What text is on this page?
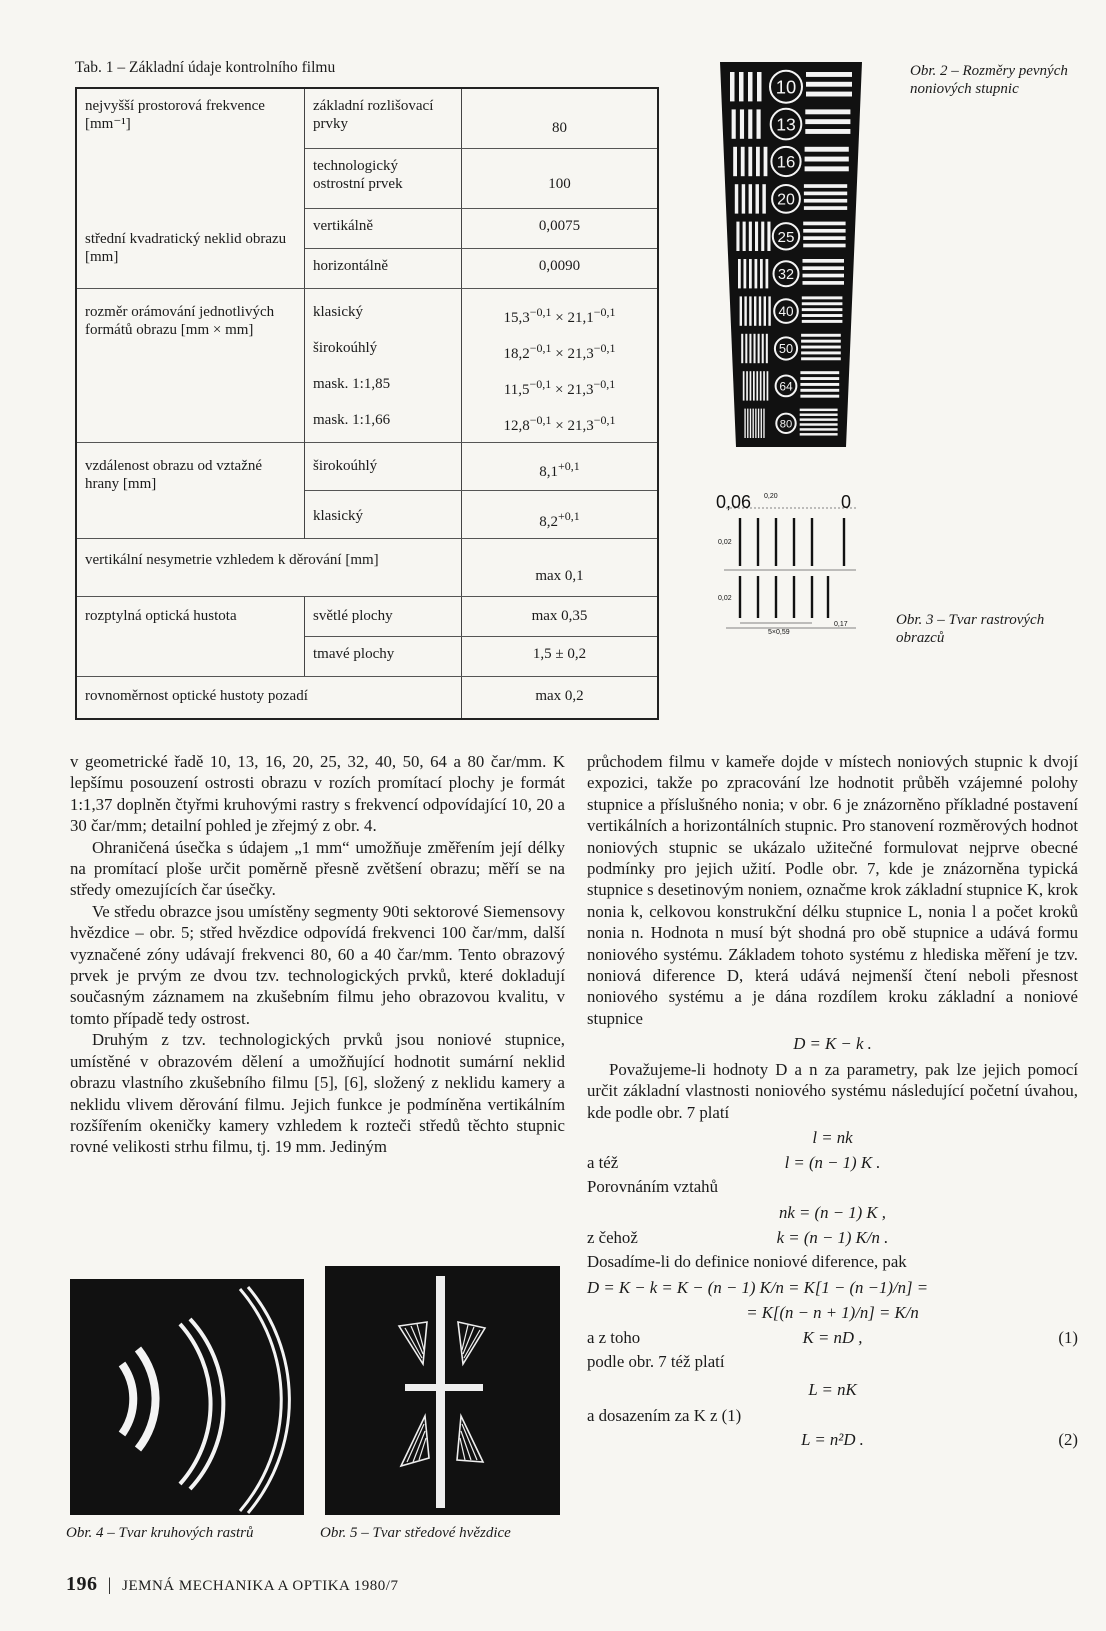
Tab. 1 – Základní údaje kontrolního filmu
nejvyšší prostorová frekvence [mm⁻¹]	základní rozlišovací prvky	80
	technologický ostrostní prvek	100
střední kvadratický neklid obrazu [mm]	vertikálně	0,0075
	horizontálně	0,0090
rozměr orámování jednotlivých formátů obrazu [mm × mm]	klasický	$15,3^{-0,1} \times 21,1^{-0,1}$
	širokoúhlý	$18,2^{-0,1} \times 21,3^{-0,1}$
	mask. 1:1,85	$11,5^{-0,1} \times 21,3^{-0,1}$
	mask. 1:1,66	$12,8^{-0,1} \times 21,3^{-0,1}$
vzdálenost obrazu od vztažné hrany [mm]	širokoúhlý	$8,1^{+0,1}$
	klasický	$8,2^{+0,1}$
vertikální nesymetrie vzhledem k děrování [mm]		max 0,1
rozptylná optická hustota	světlé plochy	max 0,35
	tmavé plochy	1,5 ± 0,2
rovnoměrnost optické hustoty pozadí		max 0,2
10
13
16
20
25
32
40
50
64
80
Obr. 2 – Rozměry pevných noniových stupnic
0,06	0
0,20
0,02
0,02
5×0,59
0,17	Obr. 3 – Tvar rastrových obrazců

v geometrické řadě 10, 13, 16, 20, 25, 32, 40, 50, 64 a 80 čar/mm. K lepšímu posouzení ostrosti obrazu v rozích promítací plochy je formát 1:1,37 doplněn čtyřmi kruhovými rastry s frekvencí odpovídající 10, 20 a 30 čar/mm; detailní pohled je zřejmý z obr. 4.

Ohraničená úsečka s údajem „1 mm“ umožňuje změřením její délky na promítací ploše určit poměrně přesně zvětšení obrazu; měří se na středy omezujících čar úsečky.

Ve středu obrazce jsou umístěny segmenty 90ti sektorové Siemensovy hvězdice – obr. 5; střed hvězdice odpovídá frekvenci 100 čar/mm, další vyznačené zóny udávají frekvenci 80, 60 a 40 čar/mm. Tento obrazový prvek je prvým ze dvou tzv. technologických prvků, které dokladují současným záznamem na zkušebním filmu jeho obrazovou kvalitu, v tomto případě tedy ostrost.

Druhým z tzv. technologických prvků jsou noniové stupnice, umístěné v obrazovém dělení a umožňující hodnotit sumární neklid obrazu vlastního zkušebního filmu [5], [6], složený z neklidu kamery a neklidu vlivem děrování filmu. Jejich funkce je podmíněna vertikálním rozšířením okeničky kamery vzhledem k rozteči středů těchto stupnic rovné velikosti strhu filmu, tj. 19 mm. Jediným

průchodem filmu v kameře dojde v místech noniových stupnic k dvojí expozici, takže po zpracování lze hodnotit průběh vzájemné polohy stupnice a příslušného nonia; v obr. 6 je znázorněno příkladné postavení vertikálních a horizontálních stupnic. Pro stanovení rozměrových hodnot noniových stupnic se ukázalo užitečné formulovat nejprve obecné podmínky pro jejich užití. Podle obr. 7, kde je znázorněna typická stupnice s desetinovým noniem, označme krok základní stupnice K, krok nonia k, celkovou konstrukční délku stupnice L, nonia l a počet kroků nonia n. Hodnota n musí být shodná pro obě stupnice a udává formu noniového systému. Základem tohoto systému z hlediska měření je tzv. noniová diference D, která udává nejmenší čtení neboli přesnost noniového systému a je dána rozdílem kroku základní a noniové stupnice

D = K − k .

Považujeme-li hodnoty D a n za parametry, pak lze jejich pomocí určit základní vlastnosti noniového systému následující početní úvahou, kde podle obr. 7 platí

l = nk
a též	l = (n − 1) K .

Porovnáním vztahů

nk = (n − 1) K ,
z čehož	k = (n − 1) K/n .

Dosadíme-li do definice noniové diference, pak

D = K − k = K − (n − 1) K/n = K[1 − (n −1)/n] =
= K[(n − n + 1)/n] = K/n
a z toho	K = nD ,	(1)
podle obr. 7 též platí
L = nK
a dosazením za K z (1)
L = n²D .	(2)
Obr. 4 – Tvar kruhových rastrů	Obr. 5 – Tvar středové hvězdice
196 | JEMNÁ MECHANIKA A OPTIKA 1980/7
